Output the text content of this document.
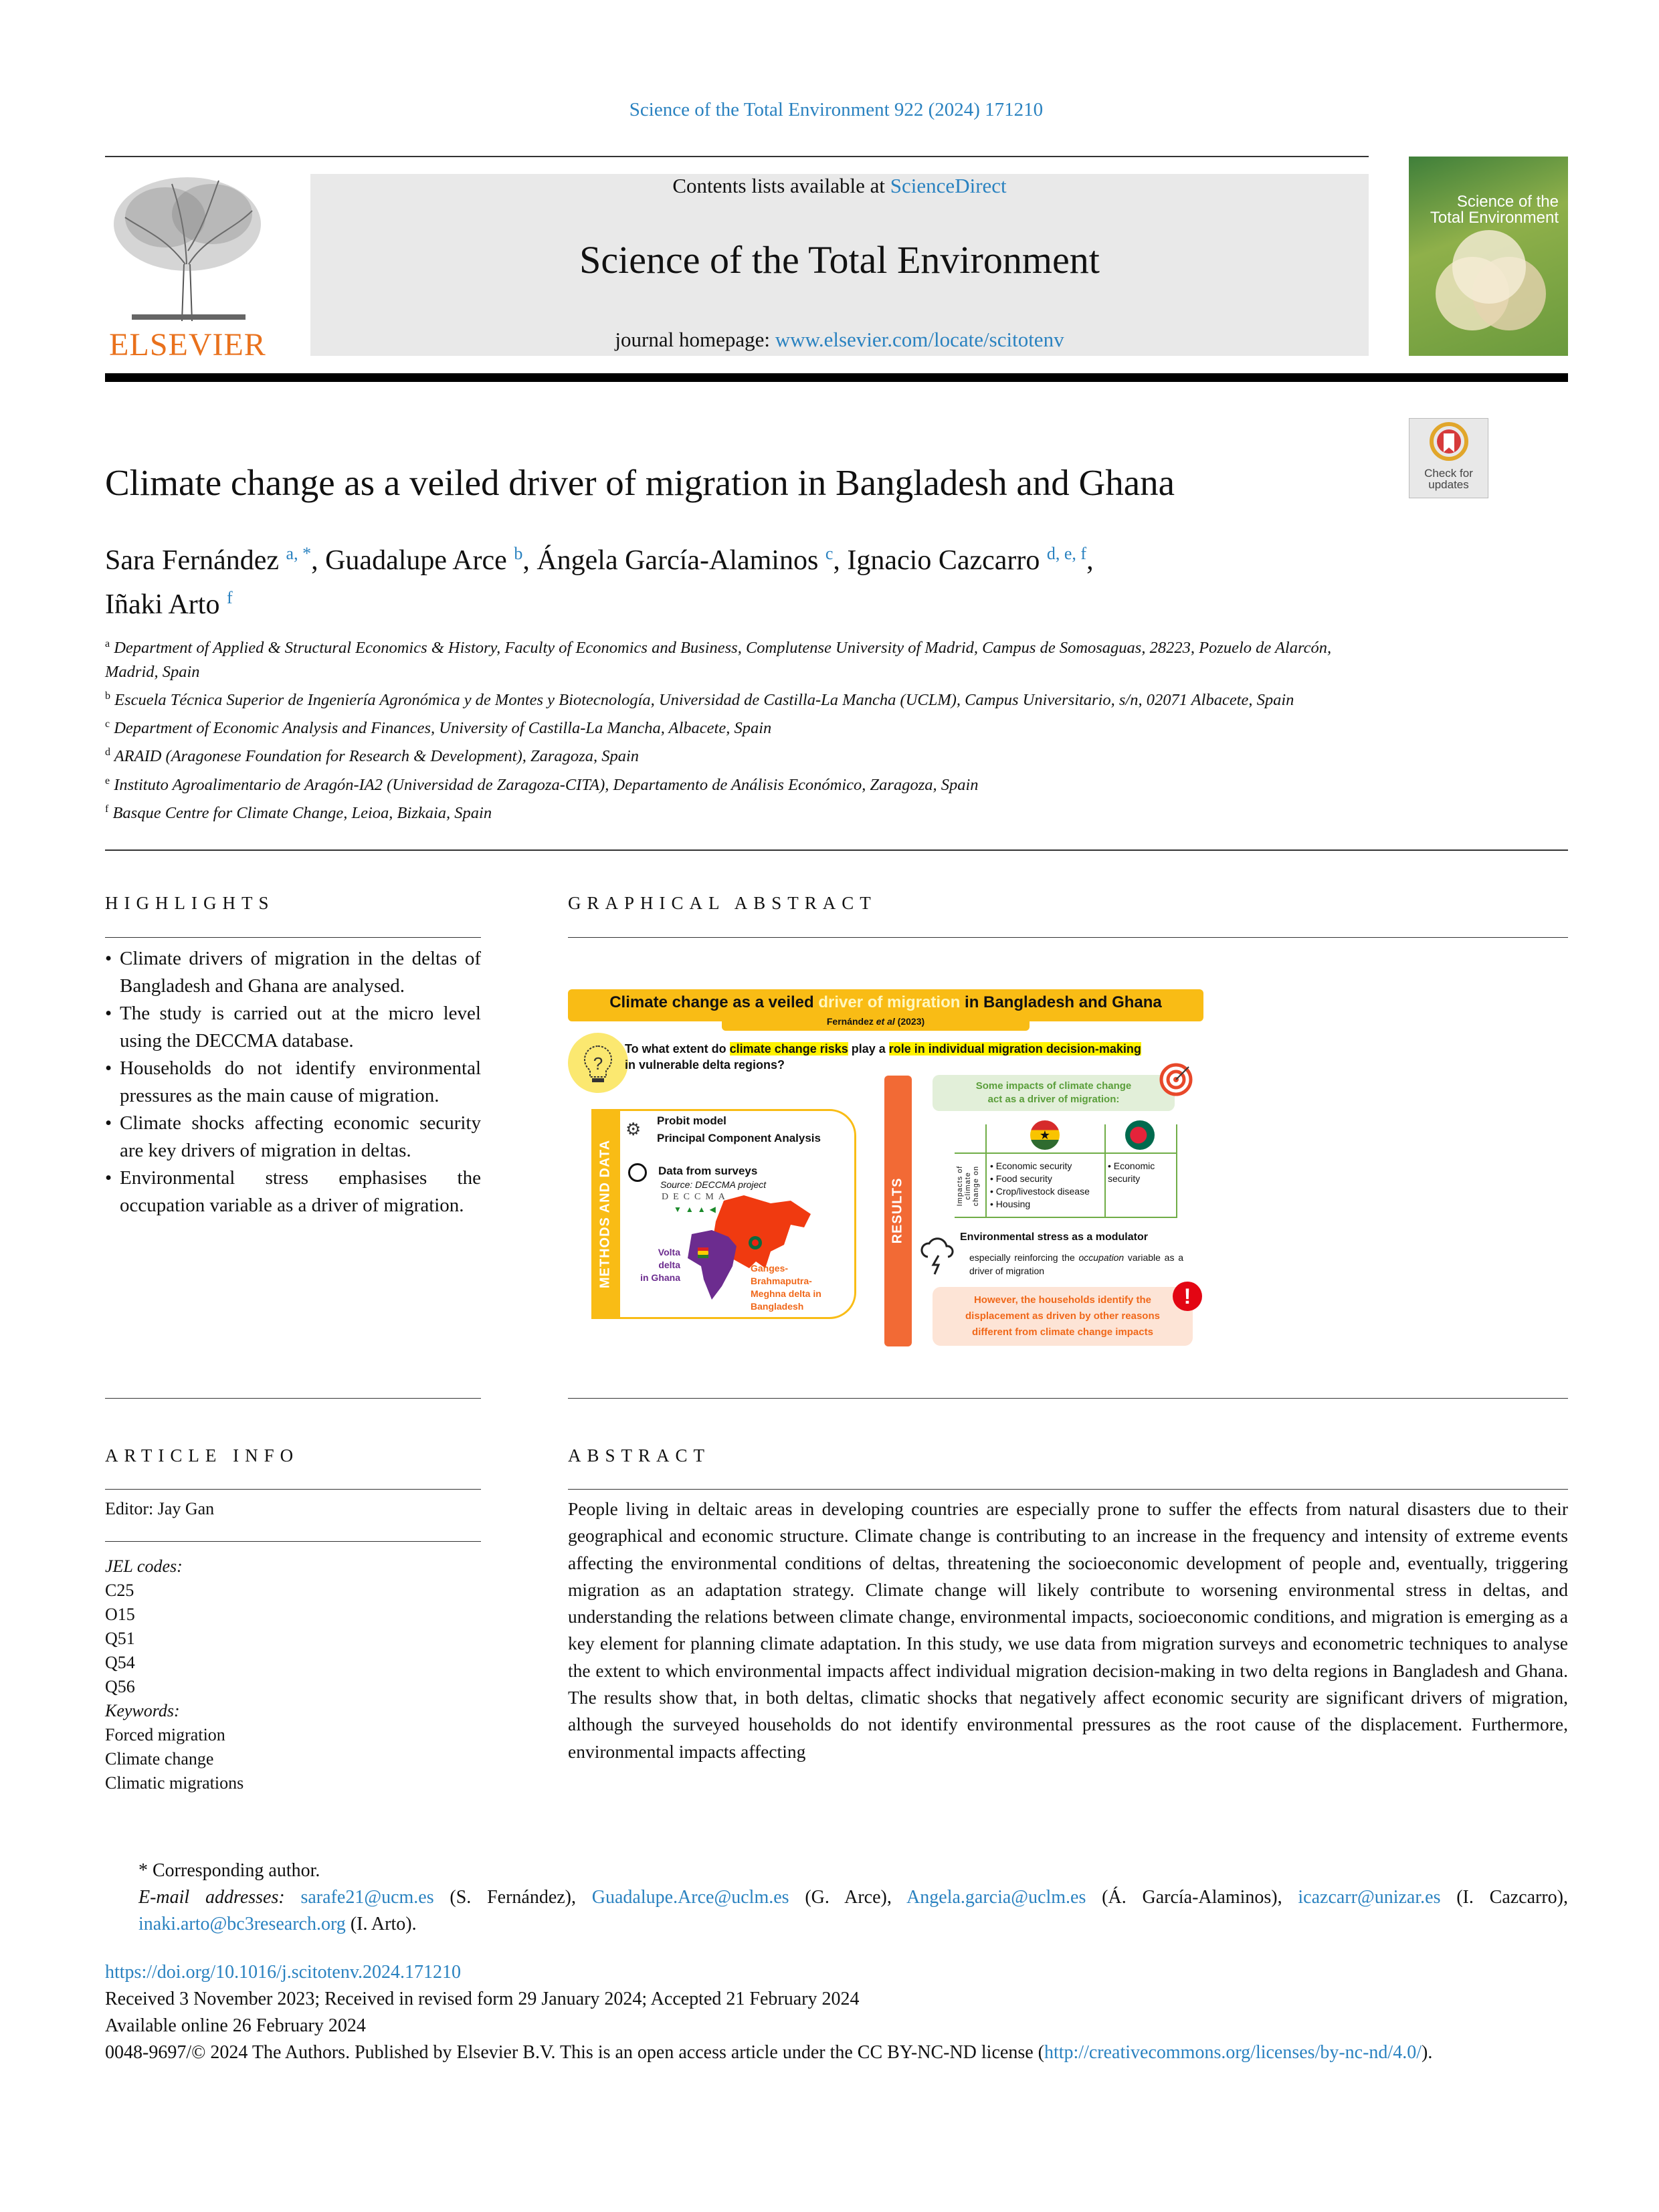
Science of the Total Environment 922 (2024) 171210
ELSEVIER
Contents lists available at ScienceDirect
Science of the Total Environment
journal homepage: www.elsevier.com/locate/scitotenv
Science of the
Total Environment
Check for
updates
Climate change as a veiled driver of migration in Bangladesh and Ghana
Sara Fernández $^{a, *}$, Guadalupe Arce $^b$, Ángela García-Alaminos $^c$, Ignacio Cazcarro $^{d, e, f}$,
Iñaki Arto $^f$
$^a$ Department of Applied & Structural Economics & History, Faculty of Economics and Business, Complutense University of Madrid, Campus de Somosaguas, 28223, Pozuelo de Alarcón, Madrid, Spain
$^b$ Escuela Técnica Superior de Ingeniería Agronómica y de Montes y Biotecnología, Universidad de Castilla-La Mancha (UCLM), Campus Universitario, s/n, 02071 Albacete, Spain
$^c$ Department of Economic Analysis and Finances, University of Castilla-La Mancha, Albacete, Spain
$^d$ ARAID (Aragonese Foundation for Research & Development), Zaragoza, Spain
$^e$ Instituto Agroalimentario de Aragón-IA2 (Universidad de Zaragoza-CITA), Departamento de Análisis Económico, Zaragoza, Spain
$^f$ Basque Centre for Climate Change, Leioa, Bizkaia, Spain
HIGHLIGHTS
• Climate drivers of migration in the deltas of Bangladesh and Ghana are analysed.
• The study is carried out at the micro level using the DECCMA database.
• Households do not identify environmental pressures as the main cause of migration.
• Climate shocks affecting economic security are key drivers of migration in deltas.
• Environmental stress emphasises the occupation variable as a driver of migration.
GRAPHICAL ABSTRACT
Climate change as a veiled driver of migration in Bangladesh and Ghana
Fernández et al (2023)
?
To what extent do climate change risks play a role in individual migration decision-making
in vulnerable delta regions?
METHODS AND DATA
⚙ Probit model
Principal Component Analysis
Data from surveys
Source: DECCMA project
DECCMA
▼▲▲◀
Volta
delta
in Ghana
Ganges-
Brahmaputra-
Meghna delta in
Bangladesh
RESULTS
Some impacts of climate change
act as a driver of migration:
★
Impacts of climate change on • Economic security
• Food security
• Crop/livestock disease
• Housing
• Economic security
Environmental stress as a modulator
especially reinforcing the occupation variable as a driver of migration
However, the households identify the
displacement as driven by other reasons
different from climate change impacts
!
ARTICLE INFO
Editor: Jay Gan
JEL codes:
C25
O15
Q51
Q54
Q56
Keywords:
Forced migration
Climate change
Climatic migrations
ABSTRACT

People living in deltaic areas in developing countries are especially prone to suffer the effects from natural disasters due to their geographical and economic structure. Climate change is contributing to an increase in the frequency and intensity of extreme events affecting the environmental conditions of deltas, threatening the socioeconomic development of people and, eventually, triggering migration as an adaptation strategy. Climate change will likely contribute to worsening environmental stress in deltas, and understanding the relations between climate change, environmental impacts, socioeconomic conditions, and migration is emerging as a key element for planning climate adaptation. In this study, we use data from migration surveys and econometric techniques to analyse the extent to which environmental impacts affect individual migration decision-making in two delta regions in Bangladesh and Ghana. The results show that, in both deltas, climatic shocks that negatively affect economic security are significant drivers of migration, although the surveyed households do not identify environmental pressures as the root cause of the displacement. Furthermore, environmental impacts affecting

* Corresponding author.
E-mail addresses: sarafe21@ucm.es (S. Fernández), Guadalupe.Arce@uclm.es (G. Arce), Angela.garcia@uclm.es (Á. García-Alaminos), icazcarr@unizar.es (I. Cazcarro), inaki.arto@bc3research.org (I. Arto).
https://doi.org/10.1016/j.scitotenv.2024.171210
Received 3 November 2023; Received in revised form 29 January 2024; Accepted 21 February 2024
Available online 26 February 2024
0048-9697/© 2024 The Authors. Published by Elsevier B.V. This is an open access article under the CC BY-NC-ND license (http://creativecommons.org/licenses/by-nc-nd/4.0/).
